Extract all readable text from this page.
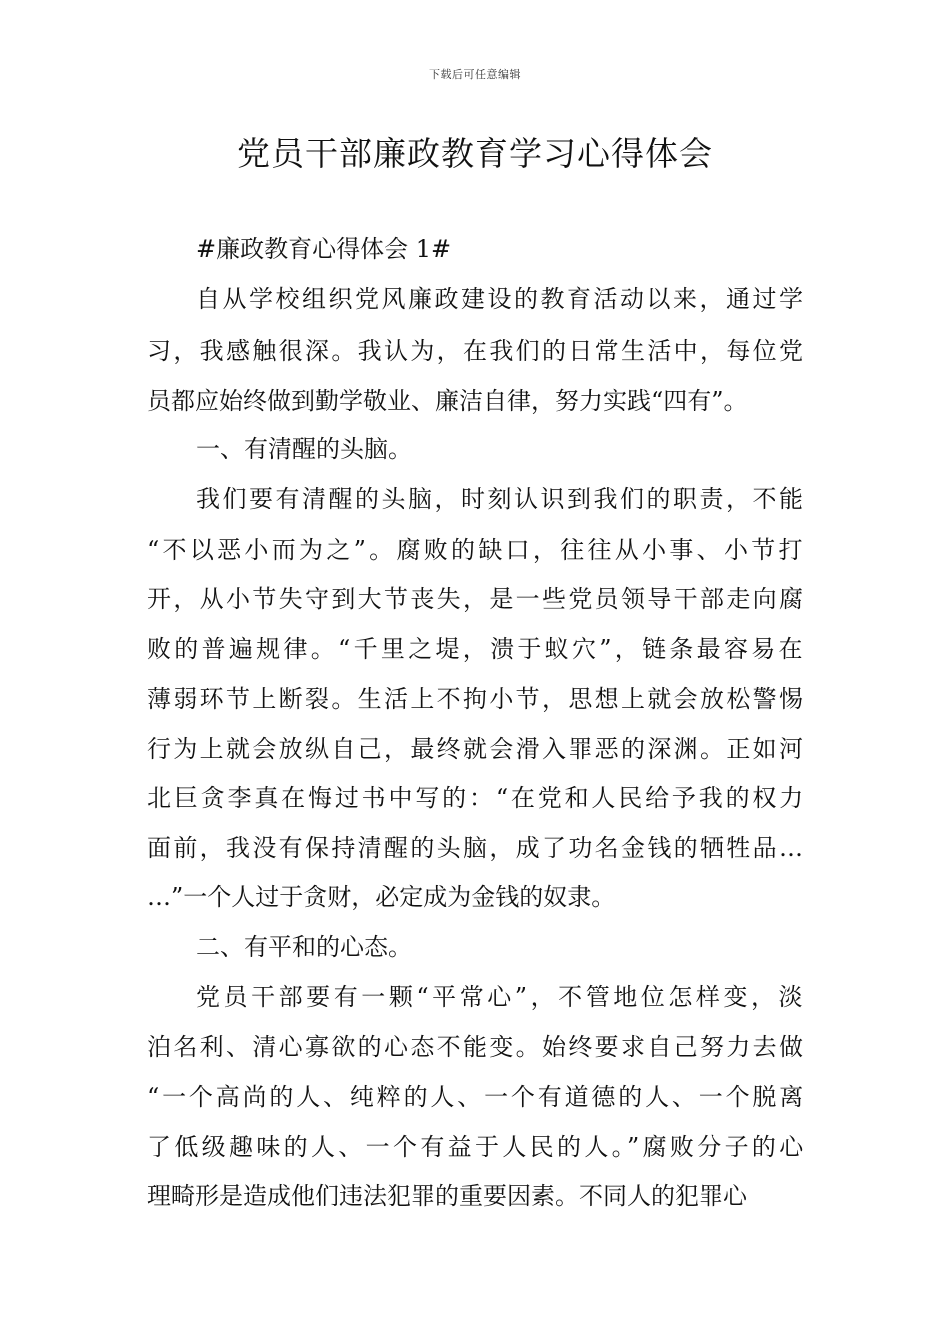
下载后可任意编辑
党员干部廉政教育学习心得体会
#廉政教育心得体会 1#
自从学校组织党风廉政建设的教育活动以来，通过学
习，我感触很深。我认为，在我们的日常生活中，每位党
员都应始终做到勤学敬业、廉洁自律，努力实践“四有”。
一、有清醒的头脑。
我们要有清醒的头脑，时刻认识到我们的职责，不能
“不以恶小而为之”。腐败的缺口，往往从小事、小节打
开，从小节失守到大节丧失，是一些党员领导干部走向腐
败的普遍规律。“千里之堤，溃于蚁穴”，链条最容易在
薄弱环节上断裂。生活上不拘小节，思想上就会放松警惕
行为上就会放纵自己，最终就会滑入罪恶的深渊。正如河
北巨贪李真在悔过书中写的：“在党和人民给予我的权力
面前，我没有保持清醒的头脑，成了功名金钱的牺牲品…
…”一个人过于贪财，必定成为金钱的奴隶。
二、有平和的心态。
党员干部要有一颗“平常心”，不管地位怎样变，淡
泊名利、清心寡欲的心态不能变。始终要求自己努力去做
“一个高尚的人、纯粹的人、一个有道德的人、一个脱离
了低级趣味的人、一个有益于人民的人。”腐败分子的心
理畸形是造成他们违法犯罪的重要因素。不同人的犯罪心
